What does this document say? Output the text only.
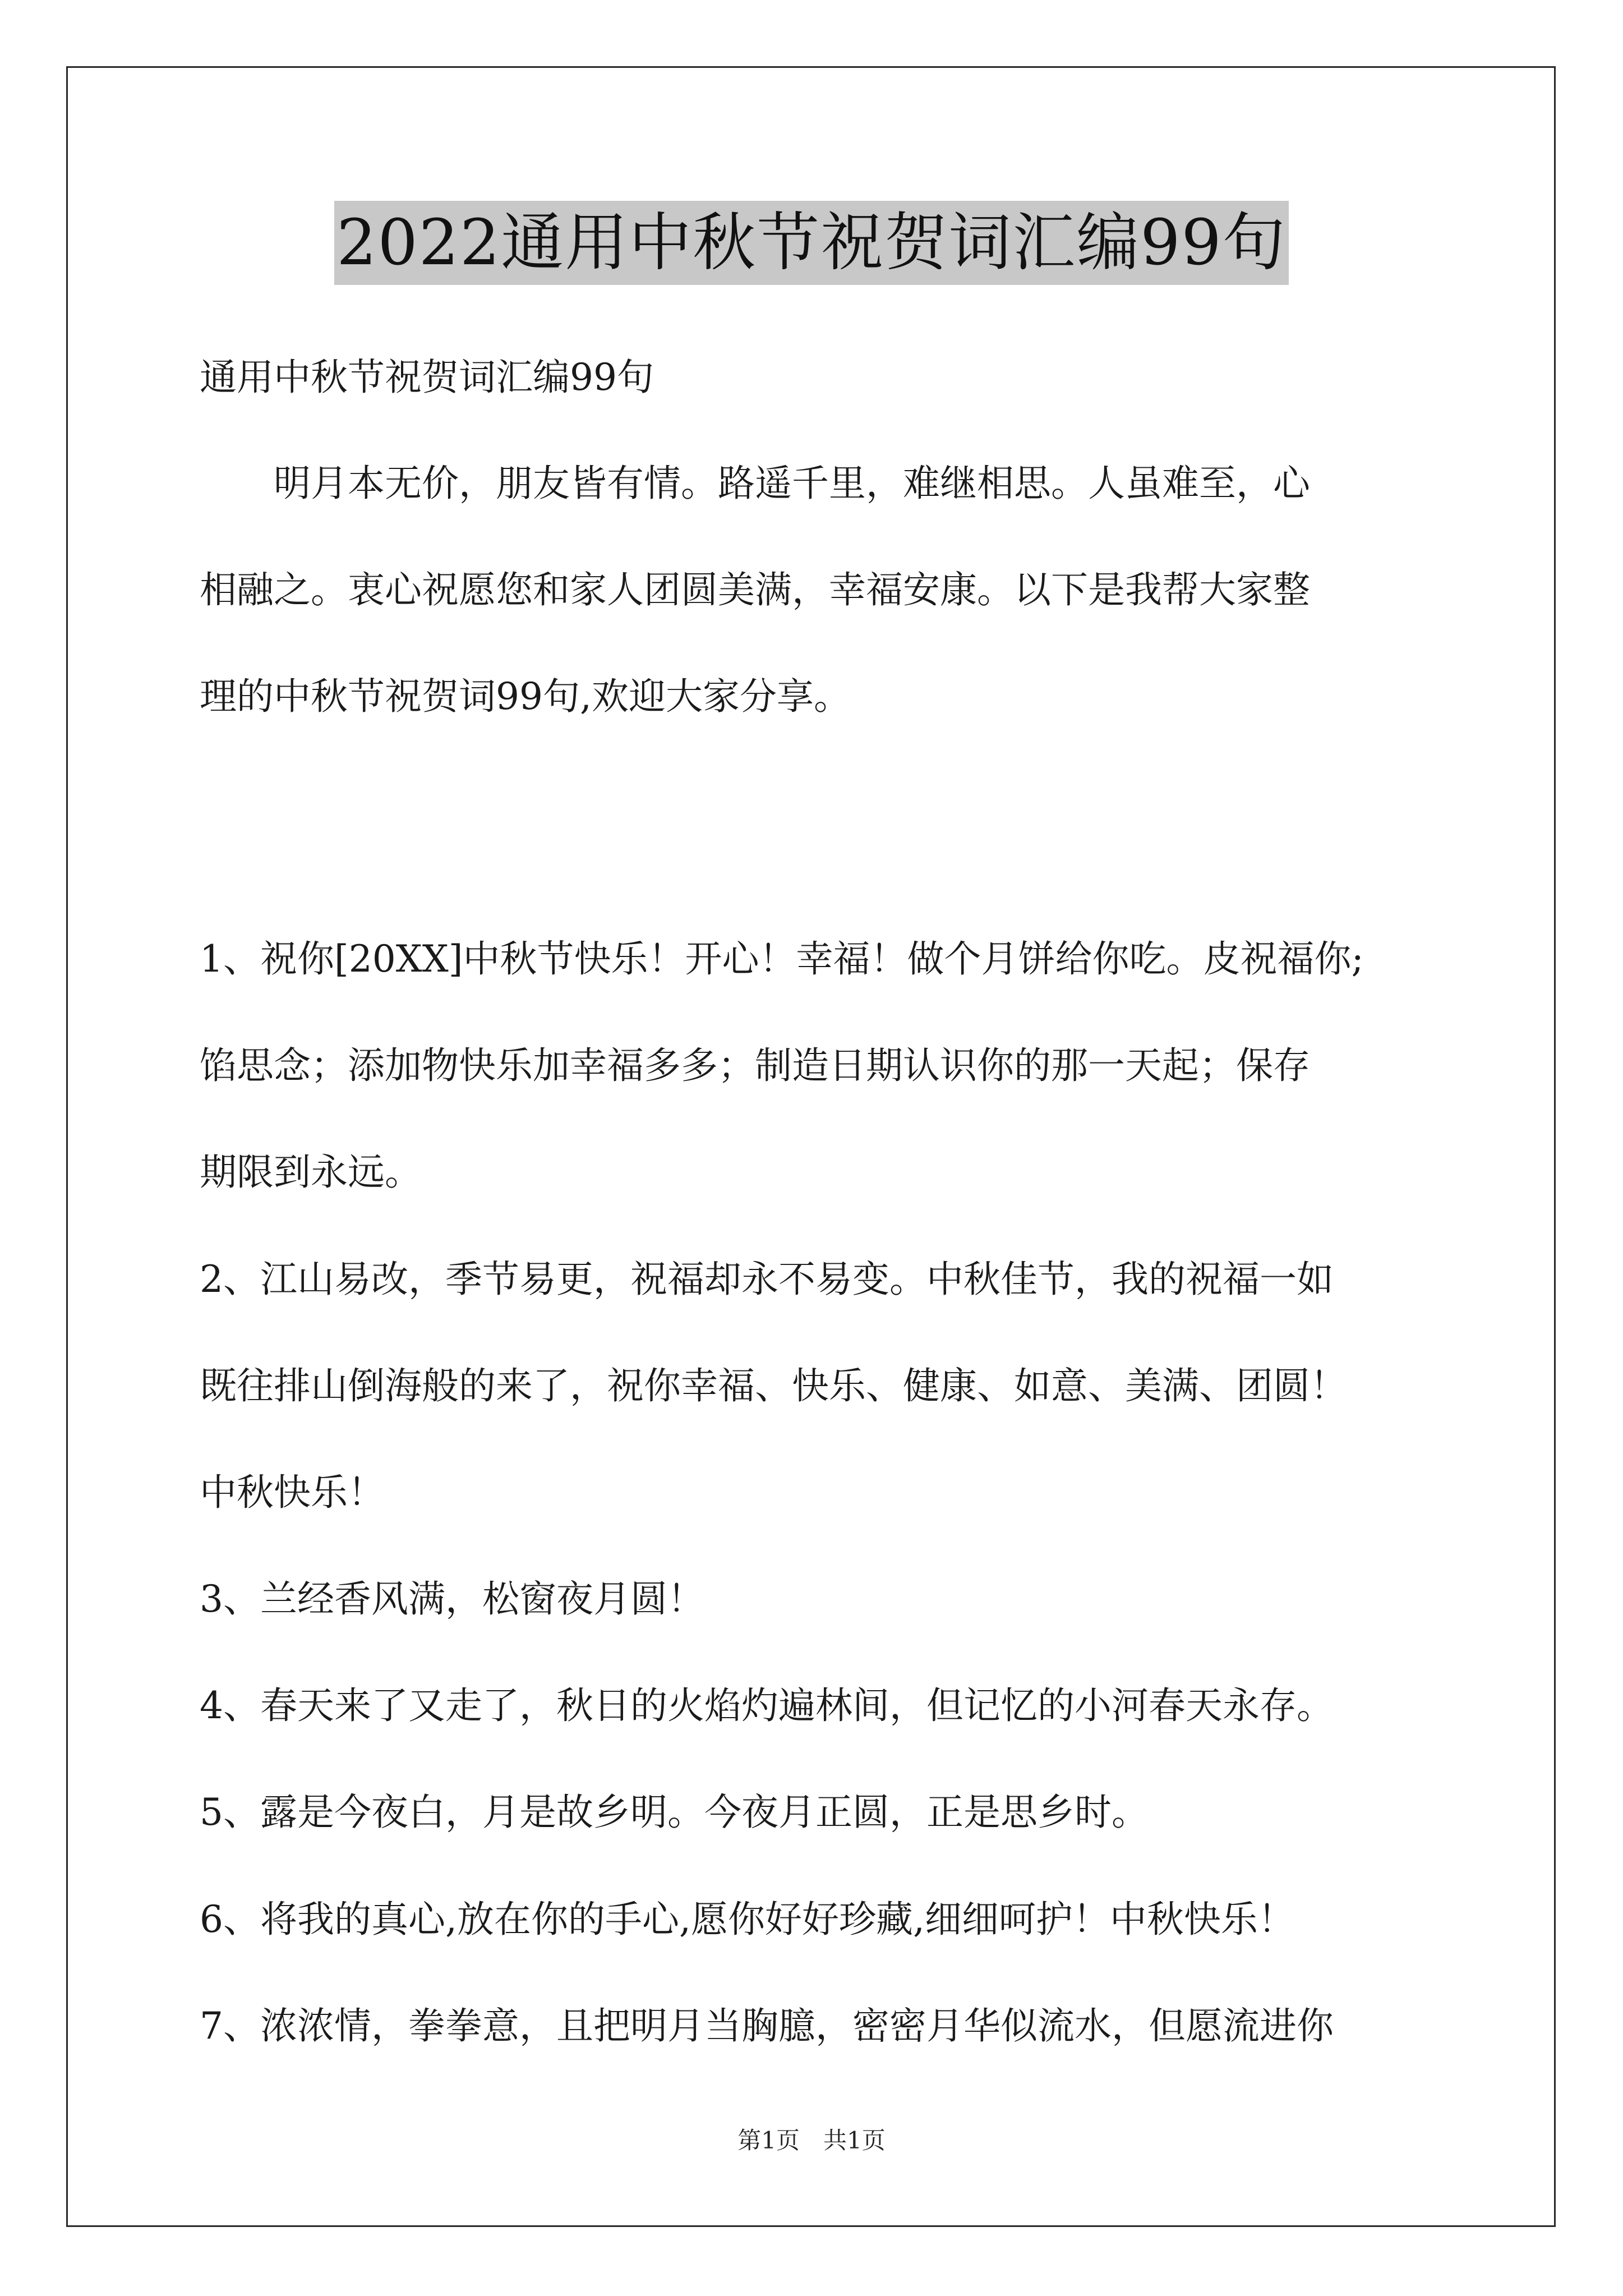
2022通用中秋节祝贺词汇编99句

通用中秋节祝贺词汇编99句

　　明月本无价，朋友皆有情。路遥千里，难继相思。人虽难至，心

相融之。衷心祝愿您和家人团圆美满，幸福安康。以下是我帮大家整

理的中秋节祝贺词99句,欢迎大家分享。

1、祝你[20XX]中秋节快乐！开心！幸福！做个月饼给你吃。皮祝福你;

馅思念；添加物快乐加幸福多多；制造日期认识你的那一天起；保存

期限到永远。

2、江山易改，季节易更，祝福却永不易变。中秋佳节，我的祝福一如

既往排山倒海般的来了，祝你幸福、快乐、健康、如意、美满、团圆！

中秋快乐！

3、兰经香风满，松窗夜月圆！

4、春天来了又走了，秋日的火焰灼遍林间，但记忆的小河春天永存。

5、露是今夜白，月是故乡明。今夜月正圆，正是思乡时。

6、将我的真心,放在你的手心,愿你好好珍藏,细细呵护！中秋快乐！

7、浓浓情，拳拳意，且把明月当胸臆，密密月华似流水，但愿流进你

第1页　共1页
